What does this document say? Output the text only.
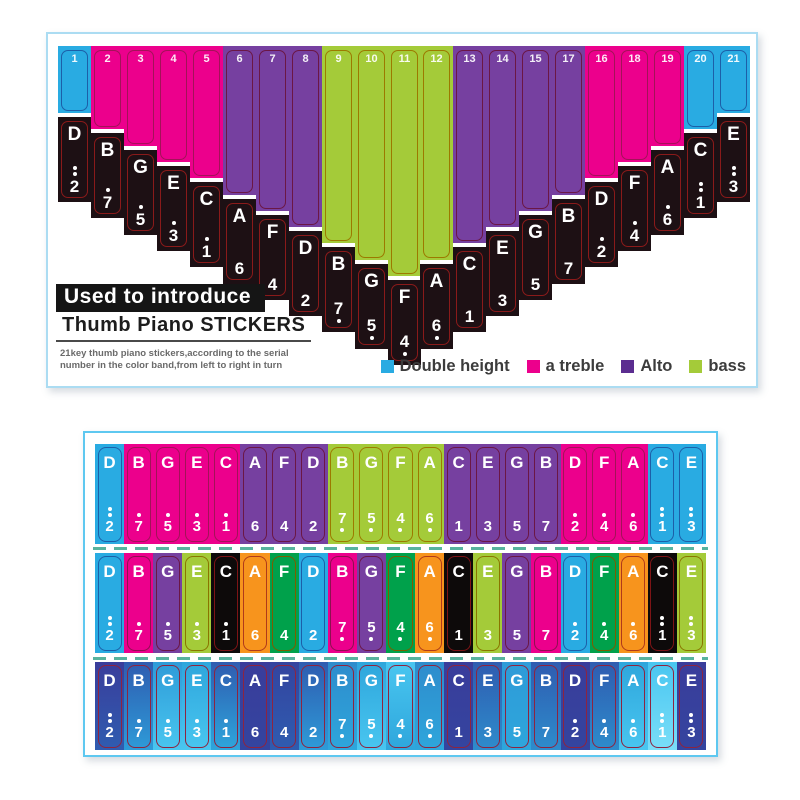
1
D
2
2
B
7
3
G
5
4
E
3
5
C
1
6
A
6
7
F
4
8
D
2
9
B
7
10
G
5
11
F
4
12
A
6
13
C
1
14
E
3
15
G
5
17
B
7
16
D
2
18
F
4
19
A
6
20
C
1
21
E
3
Used to introduce
Thumb Piano STICKERS
21key thumb piano stickers,according to the serial
number in the color band,from left to right in turn	Double height a treble Alto bass
D
2
B
7
G
5
E
3
C
1
A
6
F
4
D
2
B
7
G
5
F
4
A
6
C
1
E
3
G
5
B
7
D
2
F
4
A
6
C
1
E
3
D
2
B
7
G
5
E
3
C
1
A
6
F
4
D
2
B
7
G
5
F
4
A
6
C
1
E
3
G
5
B
7
D
2
F
4
A
6
C
1
E
3
D
2
B
7
G
5
E
3
C
1
A
6
F
4
D
2
B
7
G
5
F
4
A
6
C
1
E
3
G
5
B
7
D
2
F
4
A
6
C
1
E
3
